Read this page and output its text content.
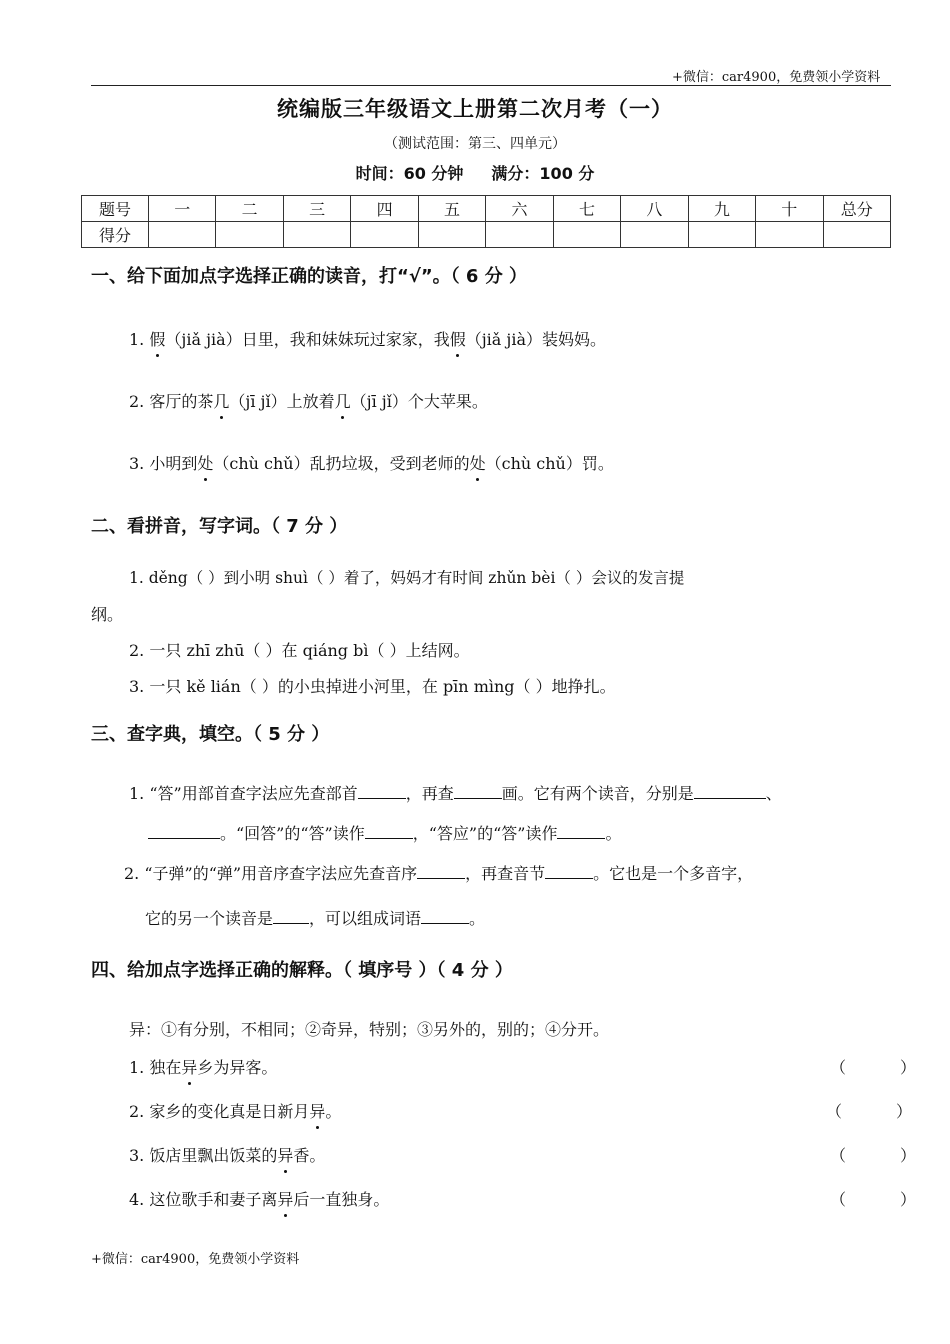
+微信：car4900，免费领小学资料
统编版三年级语文上册第二次月考（一）
（测试范围：第三、四单元）
时间：60 分钟 满分：100 分
题号	一	二	三	四	五	六	七	八	九	十	总分
得分											
一、给下面加点字选择正确的读音，打“√”。（ 6 分 ）
1. 假（jiǎ jià）日里，我和妹妹玩过家家，我假（jiǎ jià）装妈妈。
2. 客厅的茶几（jī jǐ）上放着几（jī jǐ）个大苹果。
3. 小明到处（chù chǔ）乱扔垃圾，受到老师的处（chù chǔ）罚。
二、看拼音，写字词。（ 7 分 ）
1. děng（ ）到小明 shuì（ ）着了，妈妈才有时间 zhǔn bèi（ ）会议的发言提
纲。
2. 一只 zhī zhū（ ）在 qiáng bì（ ）上结网。
3. 一只 kě lián（ ）的小虫掉进小河里，在 pīn mìng（ ）地挣扎。
三、查字典，填空。（ 5 分 ）
1. “答”用部首查字法应先查部首	，再查	画。它有两个读音，分别是	、
。“回答”的“答”读作	，“答应”的“答”读作	。
2. “子弹”的“弹”用音序查字法应先查音序	，再查音节	。它也是一个多音字，
它的另一个读音是 ，可以组成词语	。
四、给加点字选择正确的解释。（ 填序号 ）（ 4 分 ）
异：①有分别，不相同；②奇异，特别；③另外的，别的；④分开。
1. 独在异乡为异客。	（	）
2. 家乡的变化真是日新月异。	（	）
3. 饭店里飘出饭菜的异香。	（	）
4. 这位歌手和妻子离异后一直独身。	（	）
+微信：car4900，免费领小学资料
